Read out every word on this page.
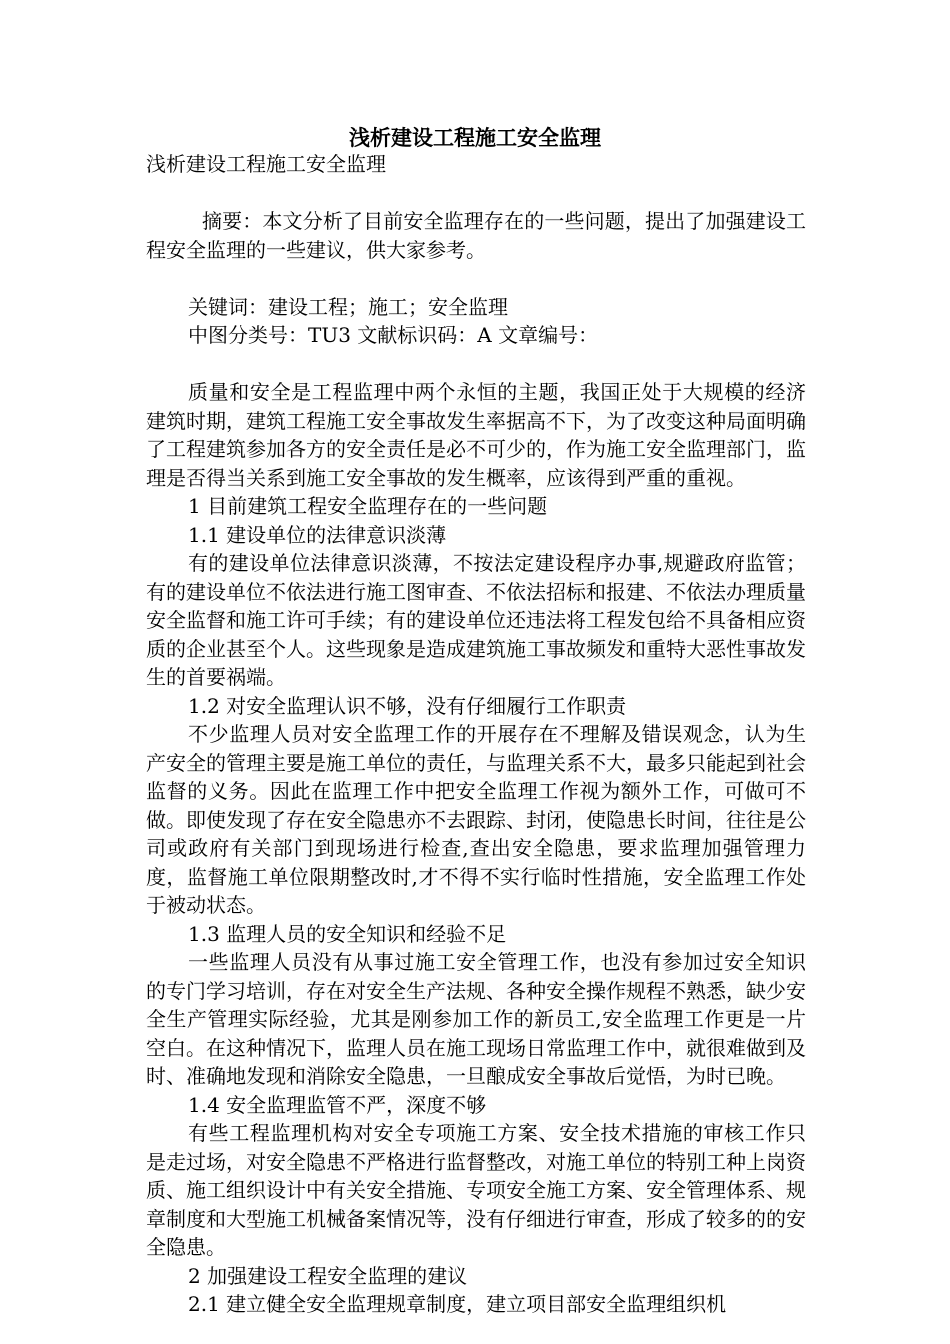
浅析建设工程施工安全监理

浅析建设工程施工安全监理

摘要：本文分析了目前安全监理存在的一些问题，提出了加强建设工程安全监理的一些建议，供大家参考。

关键词：建设工程；施工；安全监理

中图分类号：TU3 文献标识码：A 文章编号：

质量和安全是工程监理中两个永恒的主题，我国正处于大规模的经济建筑时期，建筑工程施工安全事故发生率据高不下，为了改变这种局面明确了工程建筑参加各方的安全责任是必不可少的，作为施工安全监理部门，监理是否得当关系到施工安全事故的发生概率，应该得到严重的重视。

1 目前建筑工程安全监理存在的一些问题

1.1 建设单位的法律意识淡薄

有的建设单位法律意识淡薄，不按法定建设程序办事,规避政府监管；有的建设单位不依法进行施工图审查、不依法招标和报建、不依法办理质量安全监督和施工许可手续；有的建设单位还违法将工程发包给不具备相应资质的企业甚至个人。这些现象是造成建筑施工事故频发和重特大恶性事故发生的首要祸端。

1.2 对安全监理认识不够，没有仔细履行工作职责

不少监理人员对安全监理工作的开展存在不理解及错误观念，认为生产安全的管理主要是施工单位的责任，与监理关系不大，最多只能起到社会监督的义务。因此在监理工作中把安全监理工作视为额外工作，可做可不做。即使发现了存在安全隐患亦不去跟踪、封闭，使隐患长时间，往往是公司或政府有关部门到现场进行检查,查出安全隐患，要求监理加强管理力度，监督施工单位限期整改时,才不得不实行临时性措施，安全监理工作处于被动状态。

1.3 监理人员的安全知识和经验不足

一些监理人员没有从事过施工安全管理工作，也没有参加过安全知识的专门学习培训，存在对安全生产法规、各种安全操作规程不熟悉，缺少安全生产管理实际经验，尤其是刚参加工作的新员工,安全监理工作更是一片空白。在这种情况下，监理人员在施工现场日常监理工作中，就很难做到及时、准确地发现和消除安全隐患，一旦酿成安全事故后觉悟，为时已晚。

1.4 安全监理监管不严，深度不够

有些工程监理机构对安全专项施工方案、安全技术措施的审核工作只是走过场，对安全隐患不严格进行监督整改，对施工单位的特别工种上岗资质、施工组织设计中有关安全措施、专项安全施工方案、安全管理体系、规章制度和大型施工机械备案情况等，没有仔细进行审查，形成了较多的的安全隐患。

2 加强建设工程安全监理的建议

2.1 建立健全安全监理规章制度，建立项目部安全监理组织机
